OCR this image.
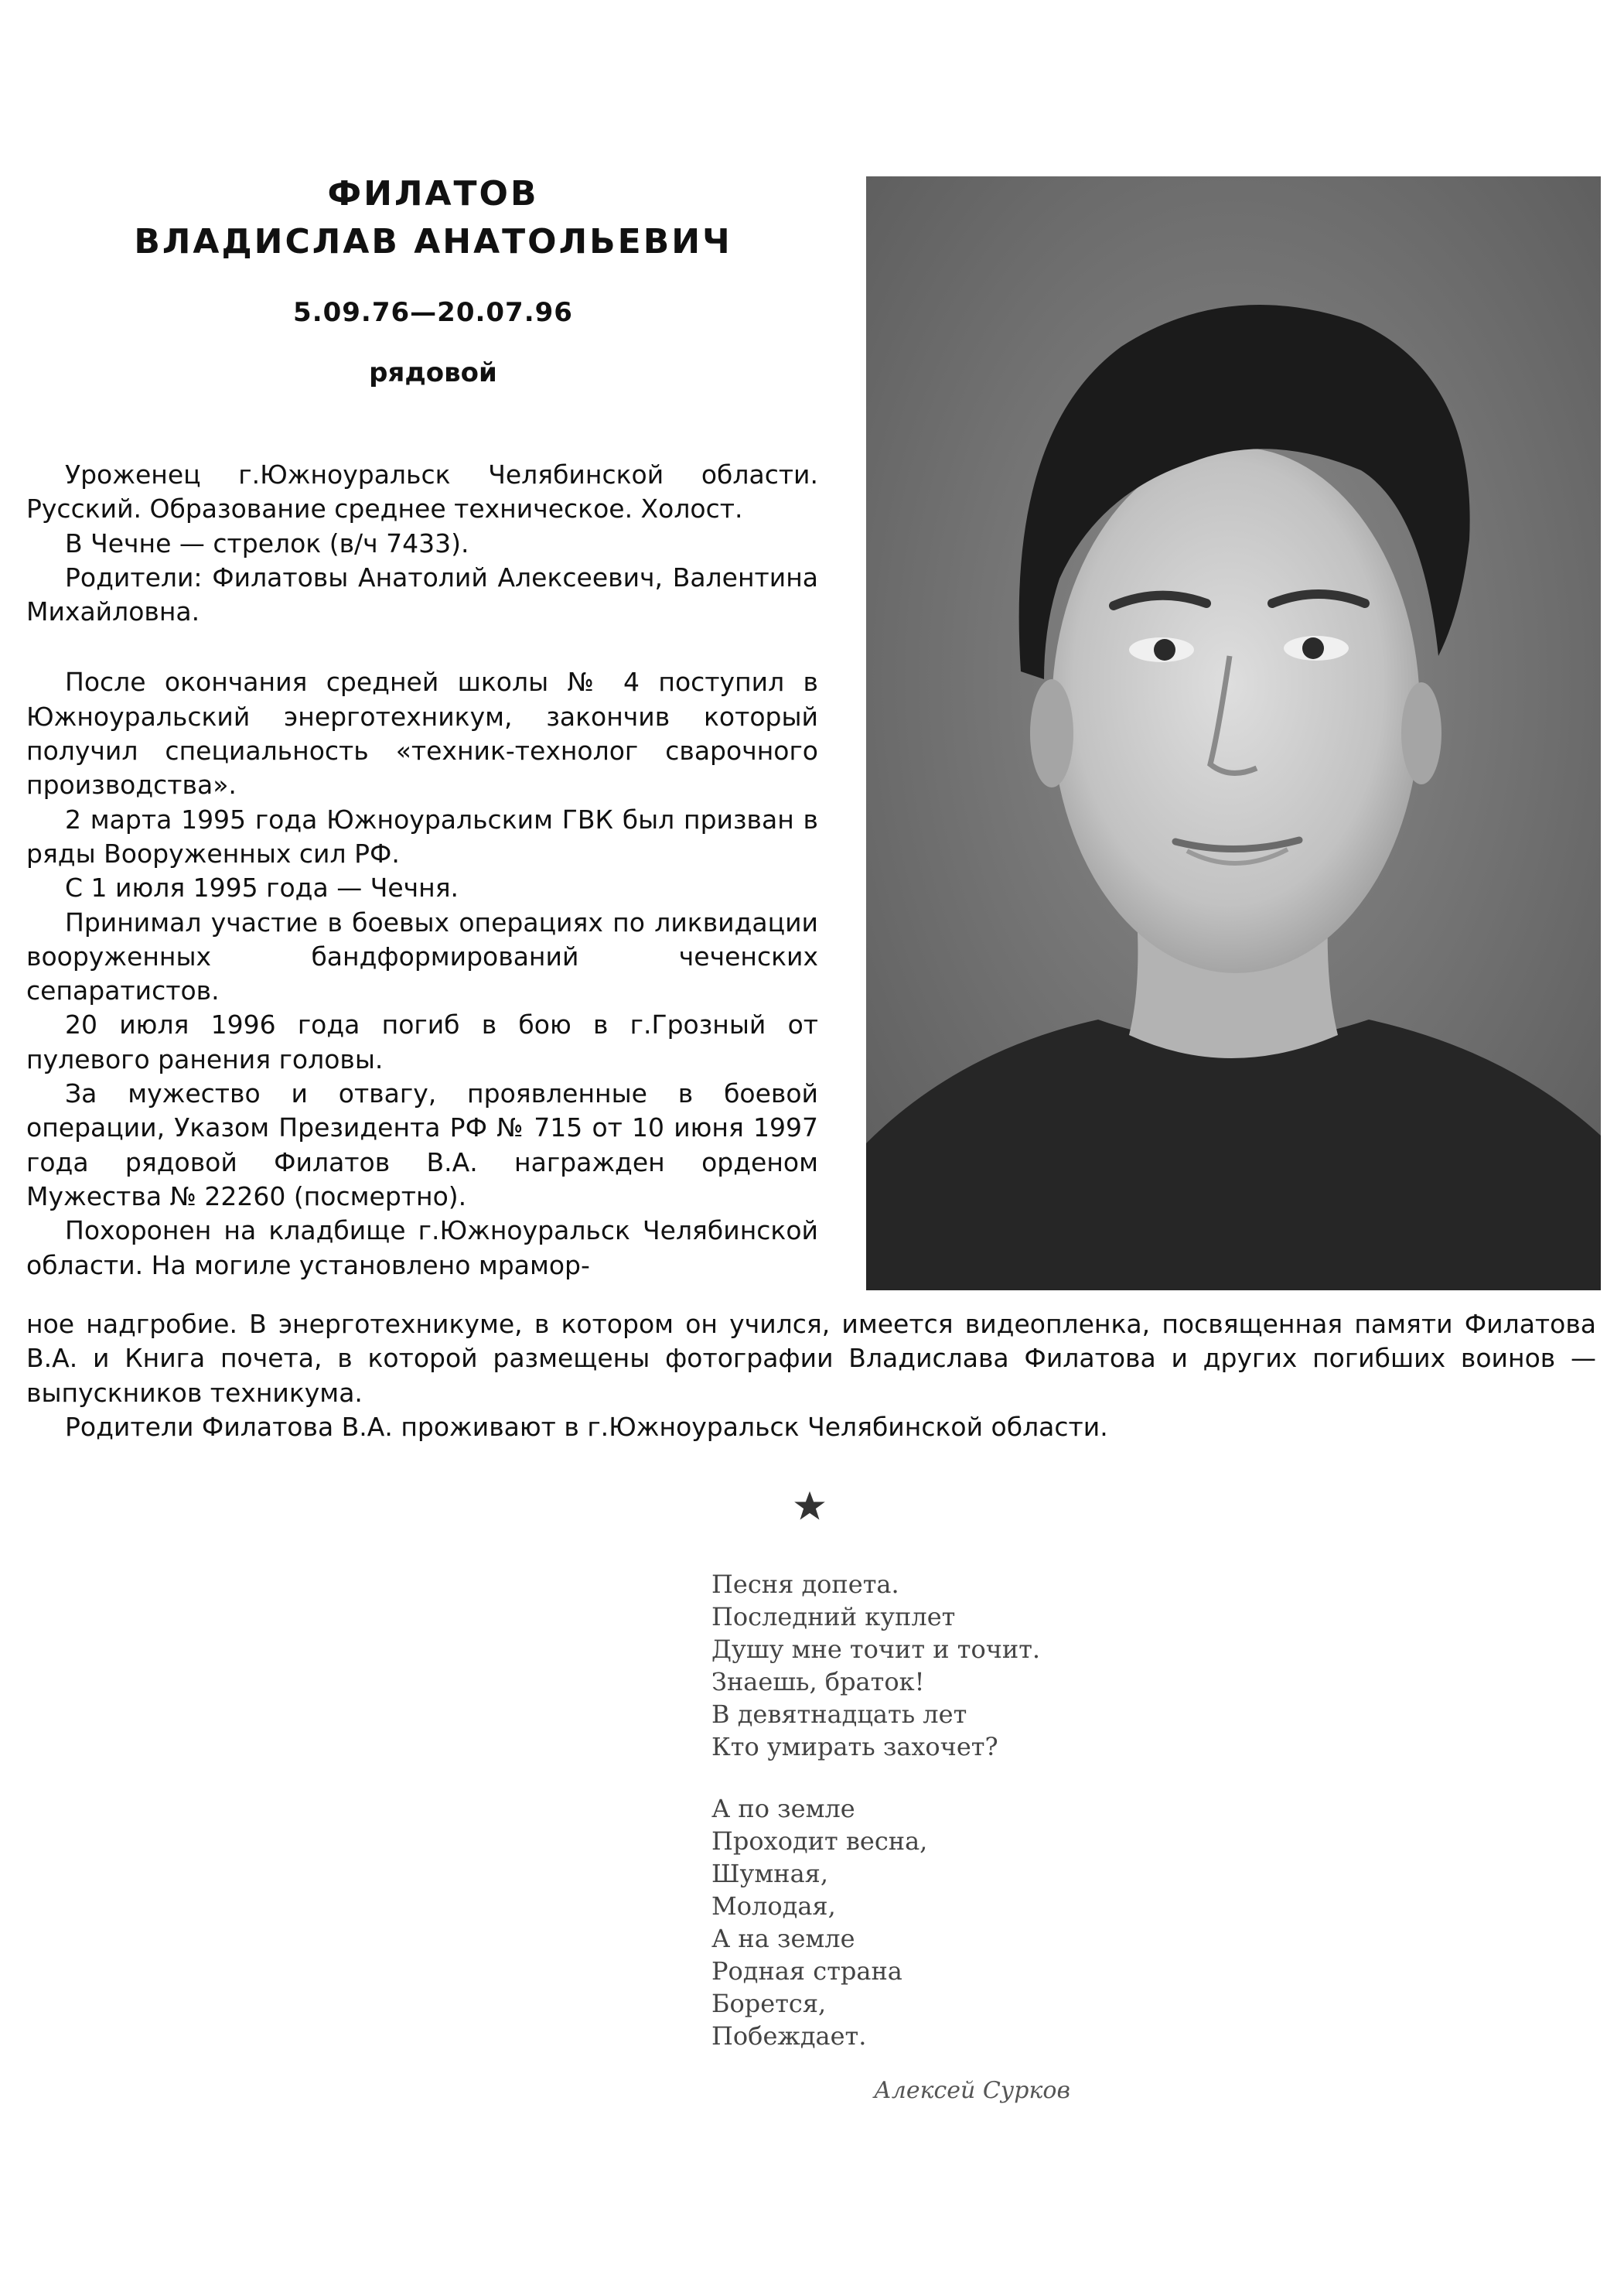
ФИЛАТОВ
ВЛАДИСЛАВ АНАТОЛЬЕВИЧ
5.09.76—20.07.96
рядовой

Уроженец г.Южноуральск Челябинской области. Русский. Образование среднее техническое. Холост.

В Чечне — стрелок (в/ч 7433).

Родители: Филатовы Анатолий Алексеевич, Валентина Михайловна.

После окончания средней школы № 4 поступил в Южноуральский энерготехникум, закончив который получил специальность «техник-технолог сварочного производства».

2 марта 1995 года Южноуральским ГВК был призван в ряды Вооруженных сил РФ.

С 1 июля 1995 года — Чечня.

Принимал участие в боевых операциях по ликвидации вооруженных бандформирований чеченских сепаратистов.

20 июля 1996 года погиб в бою в г.Грозный от пулевого ранения головы.

За мужество и отвагу, проявленные в боевой операции, Указом Президента РФ № 715 от 10 июня 1997 года рядовой Филатов В.А. награжден орденом Мужества № 22260 (посмертно).

Похоронен на кладбище г.Южноуральск Челябинской области. На могиле установлено мрамор-

ное надгробие. В энерготехникуме, в котором он учился, имеется видеопленка, посвященная памяти Филатова В.А. и Книга почета, в которой размещены фотографии Владислава Филатова и других погибших воинов — выпускников техникума.

Родители Филатова В.А. проживают в г.Южноуральск Челябинской области.

Песня допета.
Последний куплет
Душу мне точит и точит.
Знаешь, браток!
В девятнадцать лет
Кто умирать захочет?
А по земле
Проходит весна,
Шумная,
Молодая,
А на земле
Родная страна
Борется,
Побеждает.
Алексей Сурков
